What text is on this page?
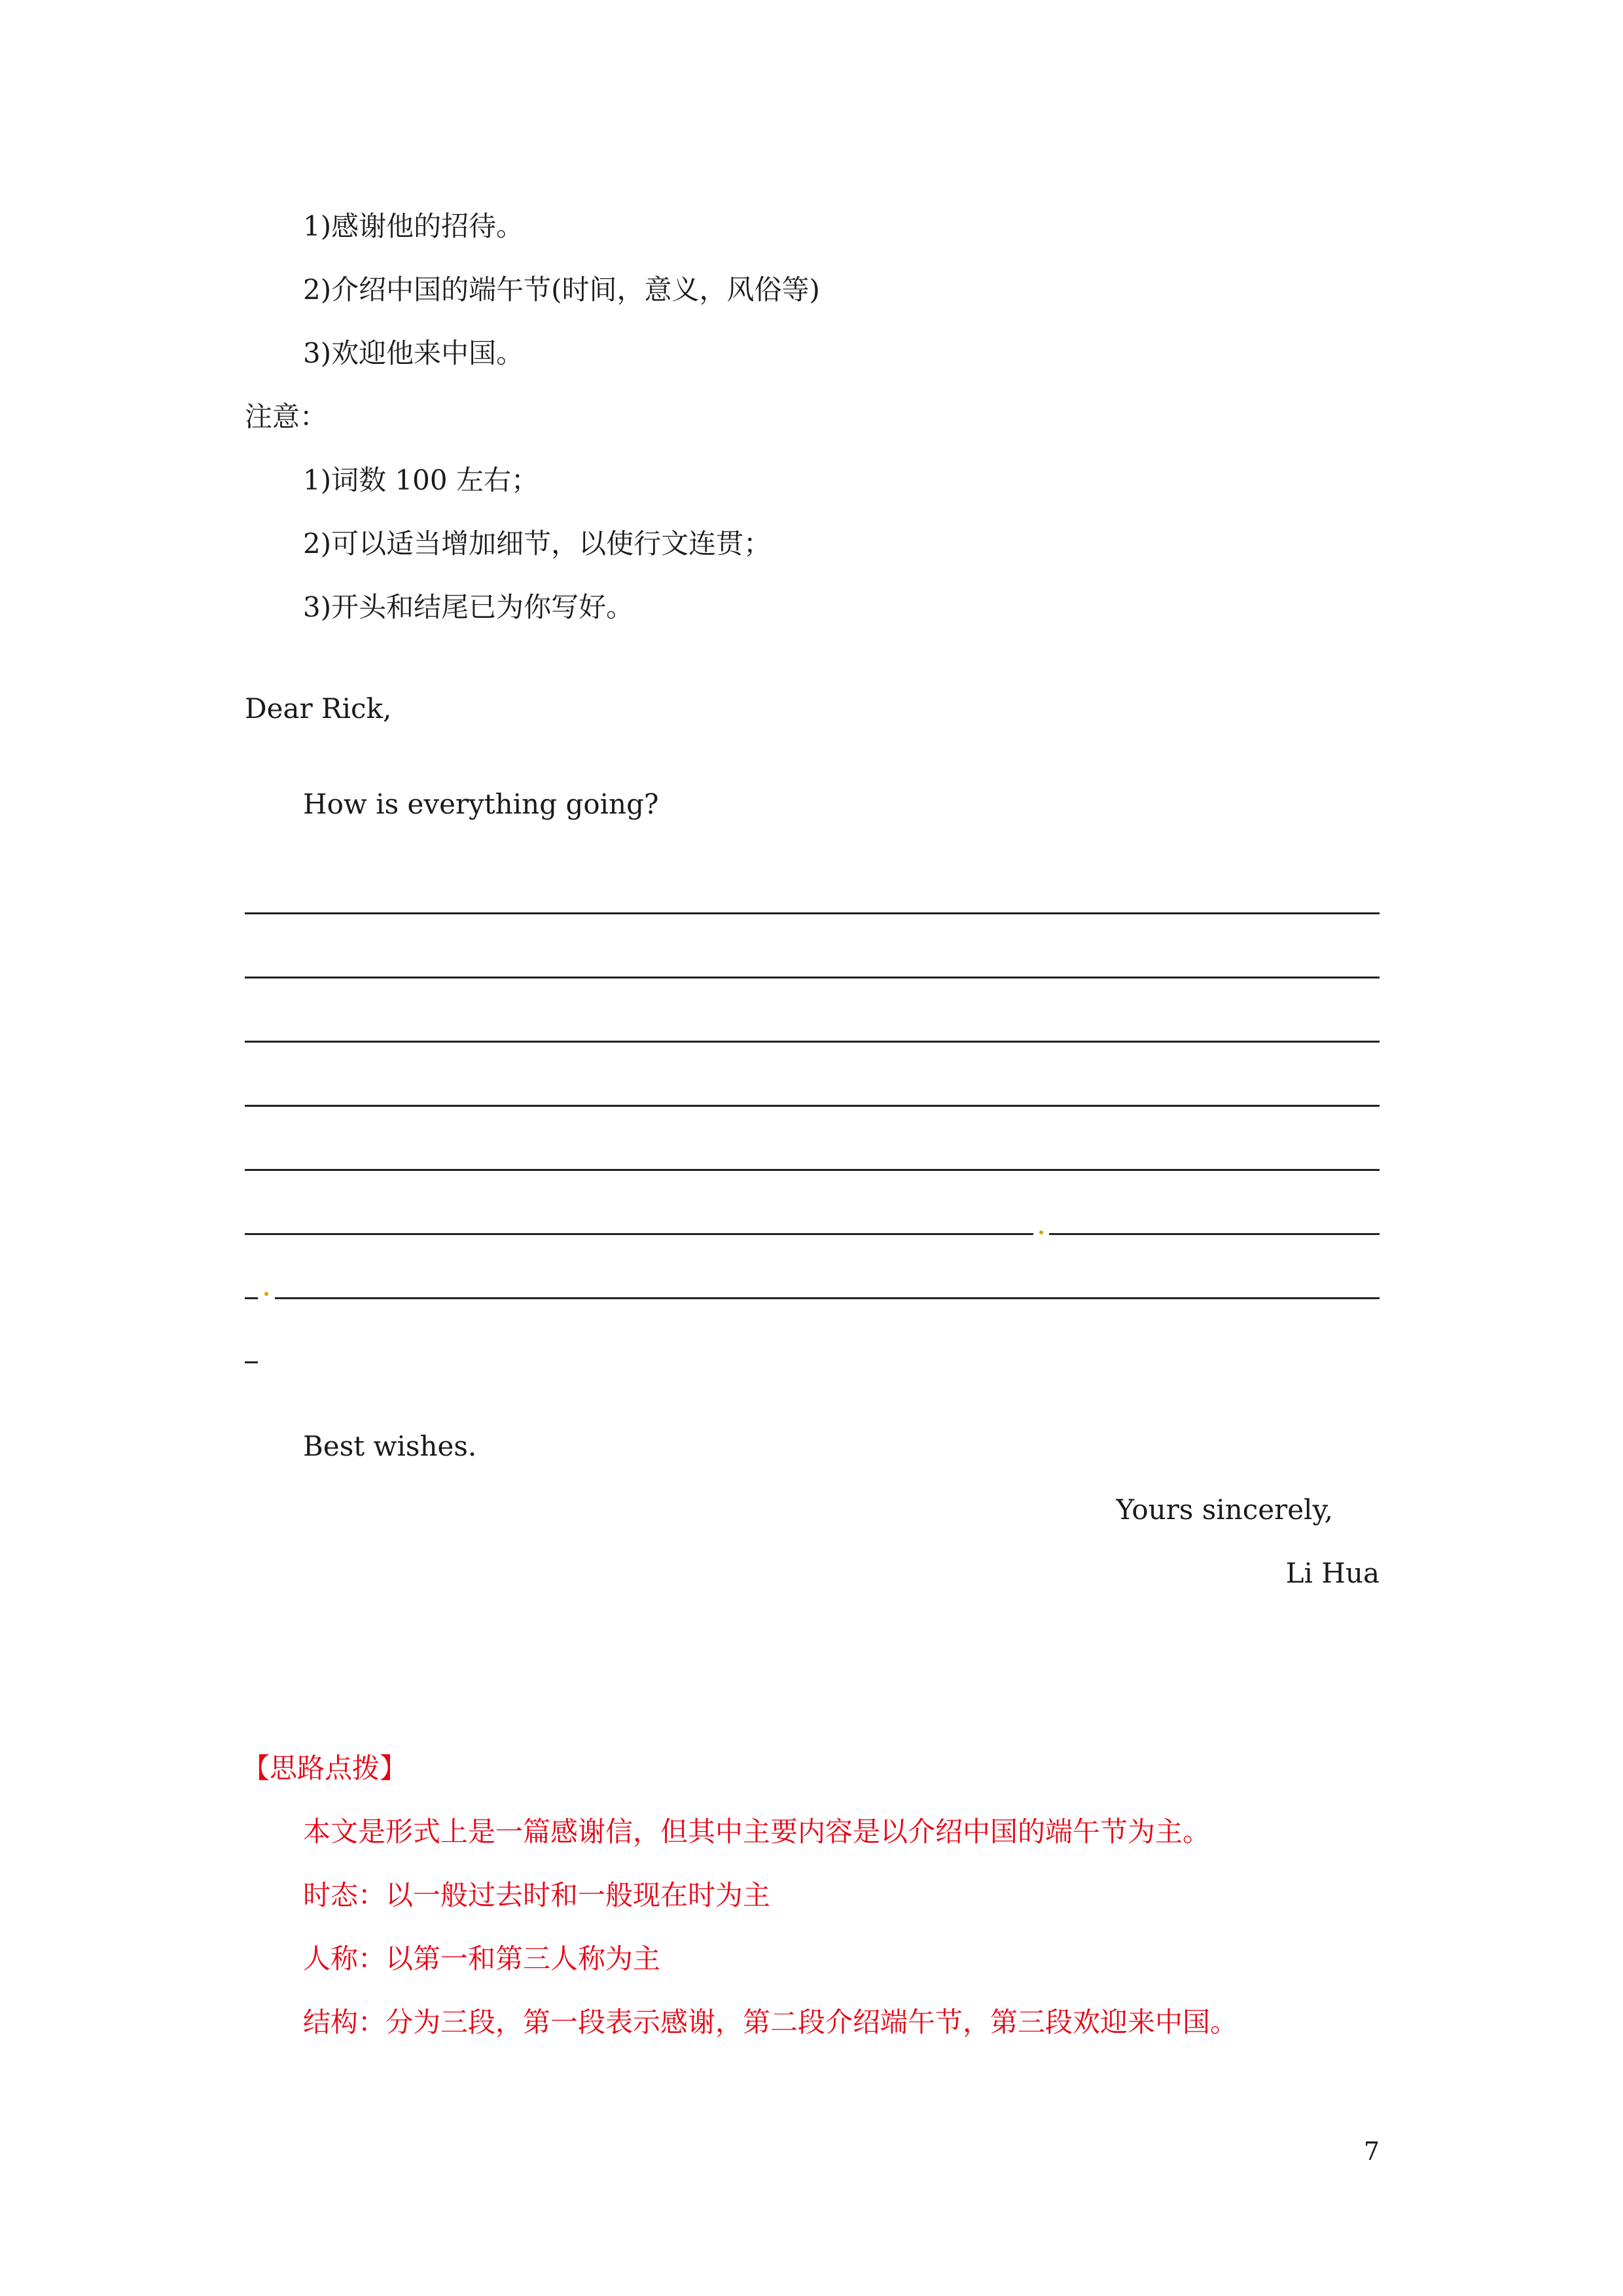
1)感谢他的招待。
2)介绍中国的端午节(时间，意义，风俗等)
3)欢迎他来中国。
注意：
1)词数 100 左右；
2)可以适当增加细节，以使行文连贯；
3)开头和结尾已为你写好。
Dear Rick,
How is everything going?
Best wishes.
Yours sincerely,
Li Hua
【思路点拨】
本文是形式上是一篇感谢信，但其中主要内容是以介绍中国的端午节为主。
时态：以一般过去时和一般现在时为主
人称：以第一和第三人称为主
结构：分为三段，第一段表示感谢，第二段介绍端午节，第三段欢迎来中国。
7
